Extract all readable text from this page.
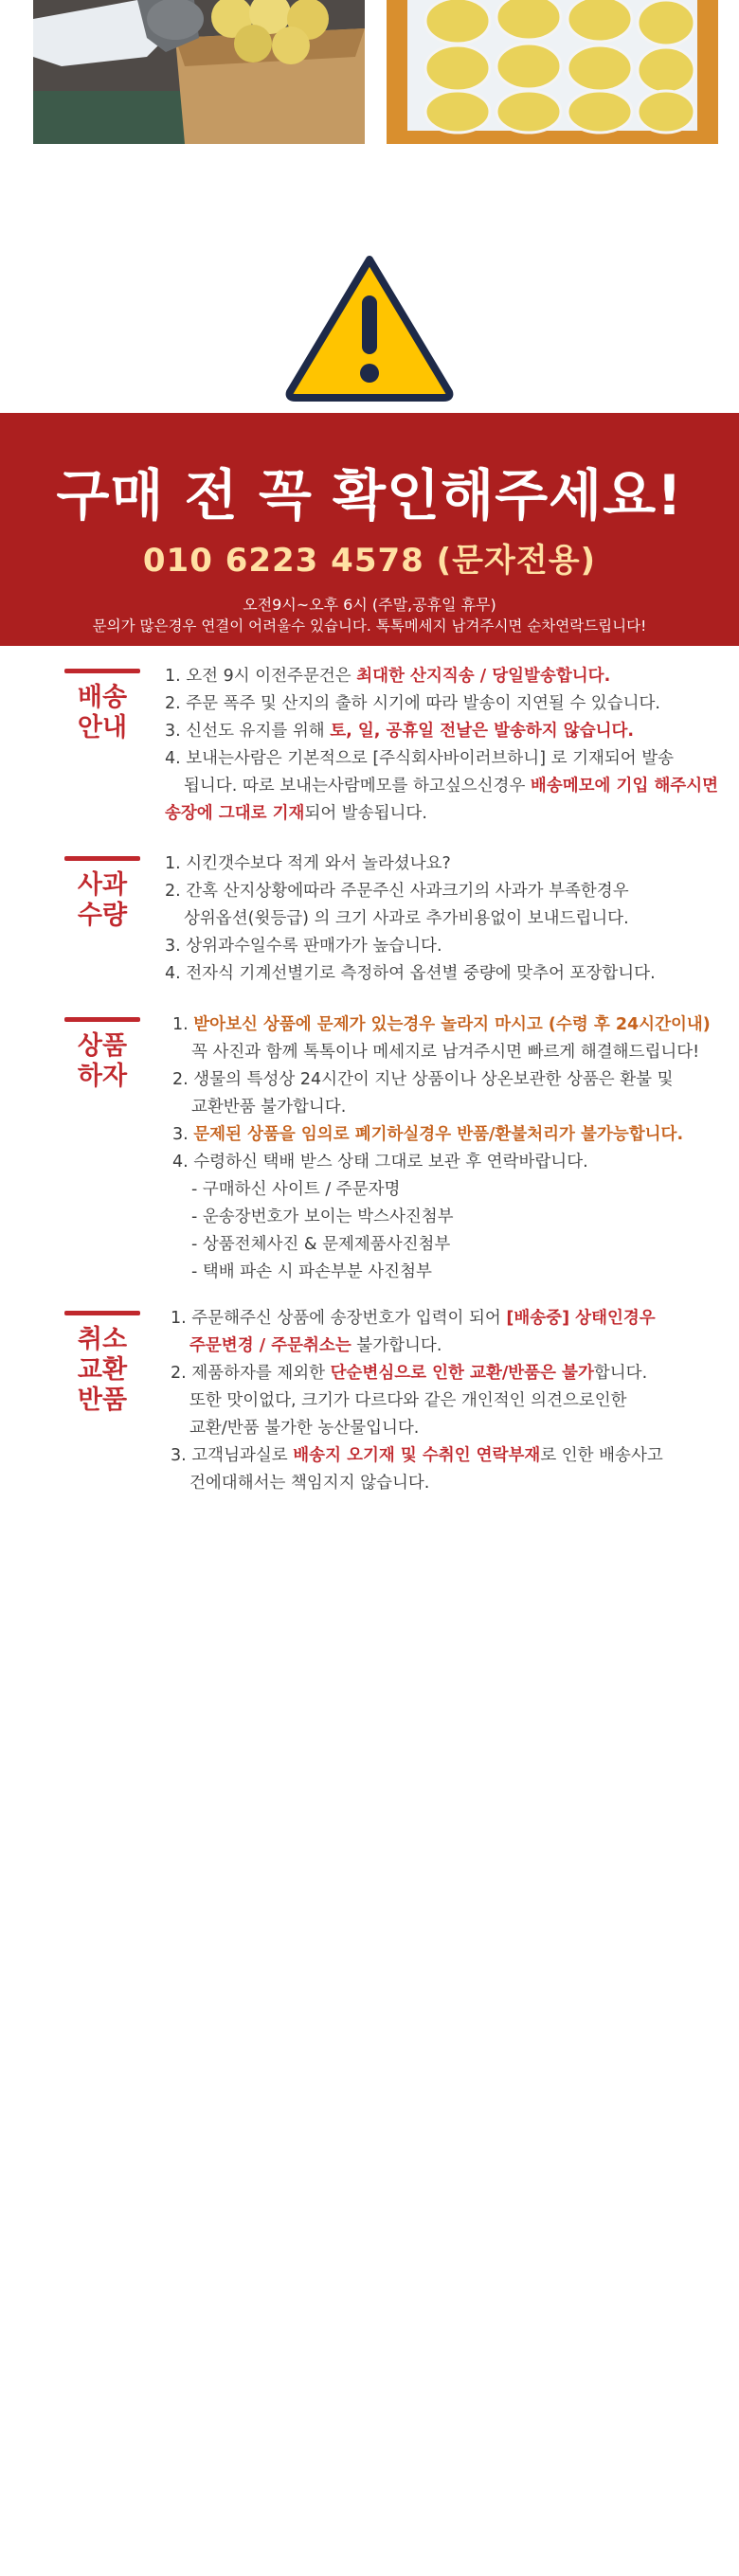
구매 전 꼭 확인해주세요!
010 6223 4578 (문자전용)
오전9시~오후 6시 (주말,공휴일 휴무)
문의가 많은경우 연결이 어려울수 있습니다. 톡톡메세지 남겨주시면 순차연락드립니다!
배송
안내
1. 오전 9시 이전주문건은 최대한 산지직송 / 당일발송합니다.
2. 주문 폭주 및 산지의 출하 시기에 따라 발송이 지연될 수 있습니다.
3. 신선도 유지를 위해 토, 일, 공휴일 전날은 발송하지 않습니다.
4. 보내는사람은 기본적으로 [주식회사바이러브하니] 로 기재되어 발송
됩니다. 따로 보내는사람메모를 하고싶으신경우 배송메모에 기입 해주시면
송장에 그대로 기재되어 발송됩니다.
사과
수량
1. 시킨갯수보다 적게 와서 놀라셨나요?
2. 간혹 산지상황에따라 주문주신 사과크기의 사과가 부족한경우
상위옵션(윗등급) 의 크기 사과로 추가비용없이 보내드립니다.
3. 상위과수일수록 판매가가 높습니다.
4. 전자식 기계선별기로 측정하여 옵션별 중량에 맞추어 포장합니다.
상품
하자
1. 받아보신 상품에 문제가 있는경우 놀라지 마시고 (수령 후 24시간이내)
꼭 사진과 함께 톡톡이나 메세지로 남겨주시면 빠르게 해결해드립니다!
2. 생물의 특성상 24시간이 지난 상품이나 상온보관한 상품은 환불 및
교환반품 불가합니다.
3. 문제된 상품을 임의로 폐기하실경우 반품/환불처리가 불가능합니다.
4. 수령하신 택배 받스 상태 그대로 보관 후 연락바랍니다.
- 구매하신 사이트 / 주문자명
- 운송장번호가 보이는 박스사진첨부
- 상품전체사진 & 문제제품사진첨부
- 택배 파손 시 파손부분 사진첨부
취소
교환
반품
1. 주문해주신 상품에 송장번호가 입력이 되어 [배송중] 상태인경우
주문변경 / 주문취소는 불가합니다.
2. 제품하자를 제외한 단순변심으로 인한 교환/반품은 불가합니다.
또한 맛이없다, 크기가 다르다와 같은 개인적인 의견으로인한
교환/반품 불가한 농산물입니다.
3. 고객님과실로 배송지 오기재 및 수취인 연락부재로 인한 배송사고
건에대해서는 책임지지 않습니다.
